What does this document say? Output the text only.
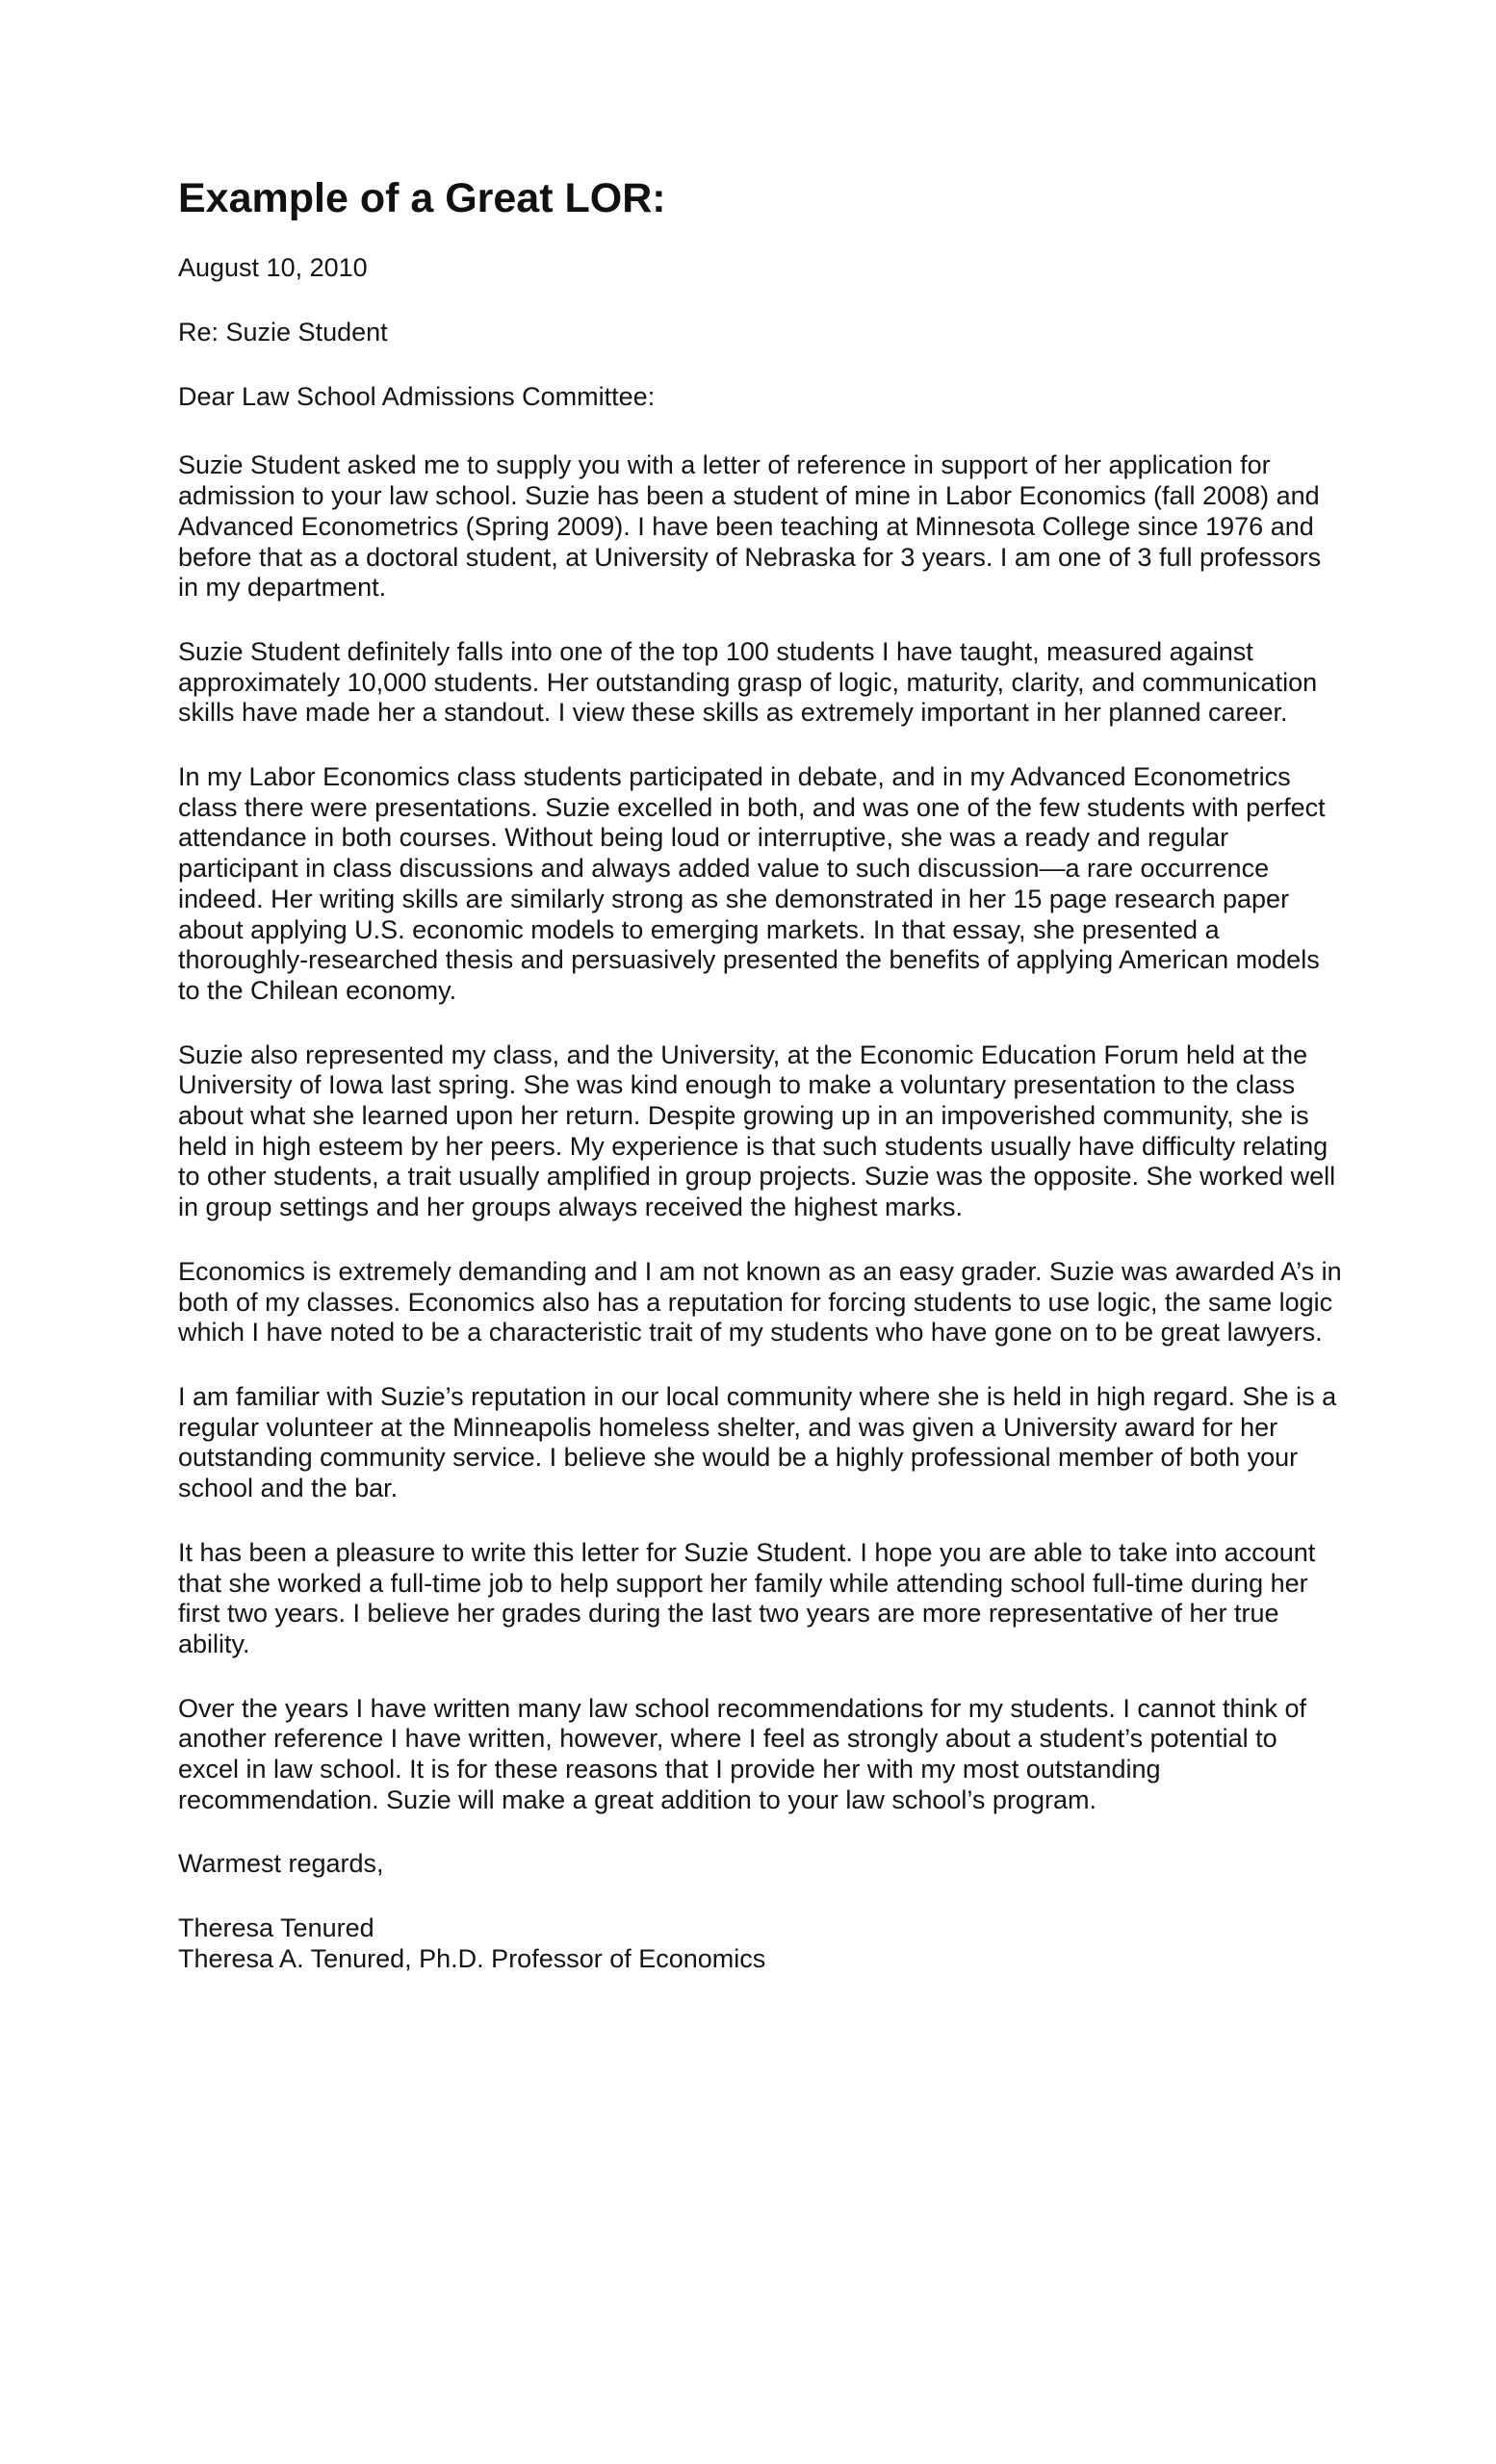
Example of a Great LOR:
August 10, 2010
Re: Suzie Student
Dear Law School Admissions Committee:

Suzie Student asked me to supply you with a letter of reference in support of her application for admission to your law school. Suzie has been a student of mine in Labor Economics (fall 2008) and Advanced Econometrics (Spring 2009). I have been teaching at Minnesota College since 1976 and before that as a doctoral student, at University of Nebraska for 3 years. I am one of 3 full professors in my department.

Suzie Student definitely falls into one of the top 100 students I have taught, measured against approximately 10,000 students. Her outstanding grasp of logic, maturity, clarity, and communication skills have made her a standout. I view these skills as extremely important in her planned career.

In my Labor Economics class students participated in debate, and in my Advanced Econometrics class there were presentations. Suzie excelled in both, and was one of the few students with perfect attendance in both courses. Without being loud or interruptive, she was a ready and regular participant in class discussions and always added value to such discussion—a rare occurrence indeed. Her writing skills are similarly strong as she demonstrated in her 15 page research paper about applying U.S. economic models to emerging markets. In that essay, she presented a thoroughly-researched thesis and persuasively presented the benefits of applying American models to the Chilean economy.

Suzie also represented my class, and the University, at the Economic Education Forum held at the University of Iowa last spring. She was kind enough to make a voluntary presentation to the class about what she learned upon her return. Despite growing up in an impoverished community, she is held in high esteem by her peers. My experience is that such students usually have difficulty relating to other students, a trait usually amplified in group projects. Suzie was the opposite. She worked well in group settings and her groups always received the highest marks.

Economics is extremely demanding and I am not known as an easy grader. Suzie was awarded A’s in both of my classes. Economics also has a reputation for forcing students to use logic, the same logic which I have noted to be a characteristic trait of my students who have gone on to be great lawyers.

I am familiar with Suzie’s reputation in our local community where she is held in high regard. She is a regular volunteer at the Minneapolis homeless shelter, and was given a University award for her outstanding community service. I believe she would be a highly professional member of both your school and the bar.

It has been a pleasure to write this letter for Suzie Student. I hope you are able to take into account that she worked a full-time job to help support her family while attending school full-time during her first two years. I believe her grades during the last two years are more representative of her true ability.

Over the years I have written many law school recommendations for my students. I cannot think of another reference I have written, however, where I feel as strongly about a student’s potential to excel in law school. It is for these reasons that I provide her with my most outstanding recommendation. Suzie will make a great addition to your law school’s program.

Warmest regards,
Theresa Tenured
Theresa A. Tenured, Ph.D. Professor of Economics
